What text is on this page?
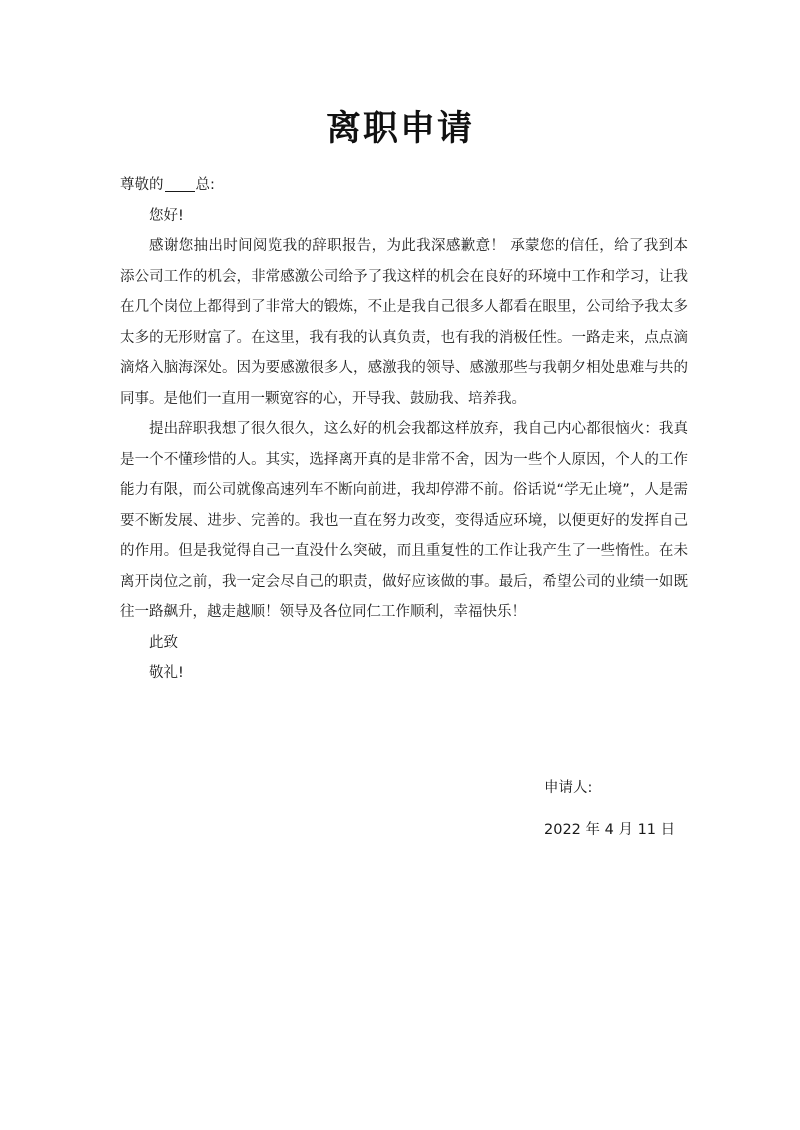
离职申请

尊敬的 总:

您好!

感谢您抽出时间阅览我的辞职报告，为此我深感歉意！ 承蒙您的信任，给了我到本添公司工作的机会，非常感激公司给予了我这样的机会在良好的环境中工作和学习，让我在几个岗位上都得到了非常大的锻炼，不止是我自己很多人都看在眼里，公司给予我太多太多的无形财富了。在这里，我有我的认真负责，也有我的消极任性。一路走来，点点滴滴烙入脑海深处。因为要感激很多人，感激我的领导、感激那些与我朝夕相处患难与共的同事。是他们一直用一颗宽容的心，开导我、鼓励我、培养我。

提出辞职我想了很久很久，这么好的机会我都这样放弃，我自己内心都很恼火：我真是一个不懂珍惜的人。其实，选择离开真的是非常不舍，因为一些个人原因，个人的工作能力有限，而公司就像高速列车不断向前进，我却停滞不前。俗话说“学无止境”，人是需要不断发展、进步、完善的。我也一直在努力改变，变得适应环境，以便更好的发挥自己的作用。但是我觉得自己一直没什么突破，而且重复性的工作让我产生了一些惰性。在未离开岗位之前，我一定会尽自己的职责，做好应该做的事。最后，希望公司的业绩一如既往一路飙升，越走越顺！领导及各位同仁工作顺利，幸福快乐！

此致

敬礼!

申请人:
2022 年 4 月 11 日
